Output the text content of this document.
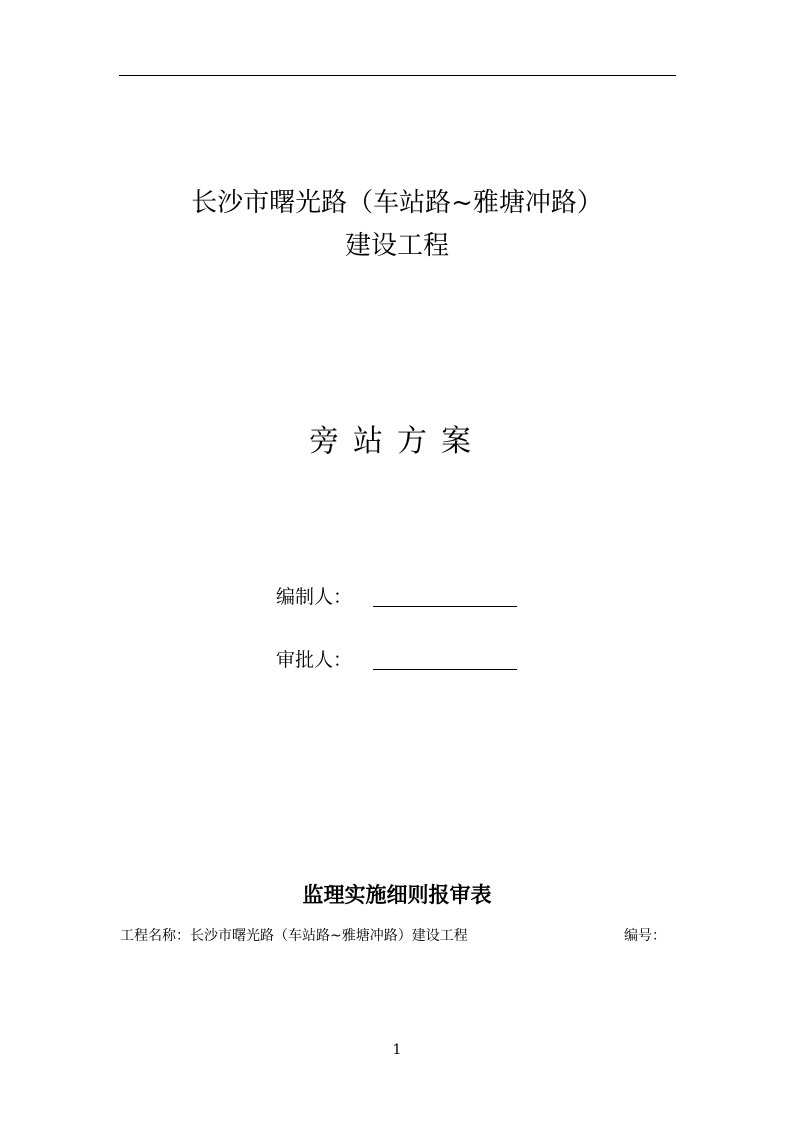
长沙市曙光路（车站路~雅塘冲路）
建设工程
旁站方案
编制人：
审批人：
监理实施细则报审表
工程名称：长沙市曙光路（车站路~雅塘冲路）建设工程	编号：
1
